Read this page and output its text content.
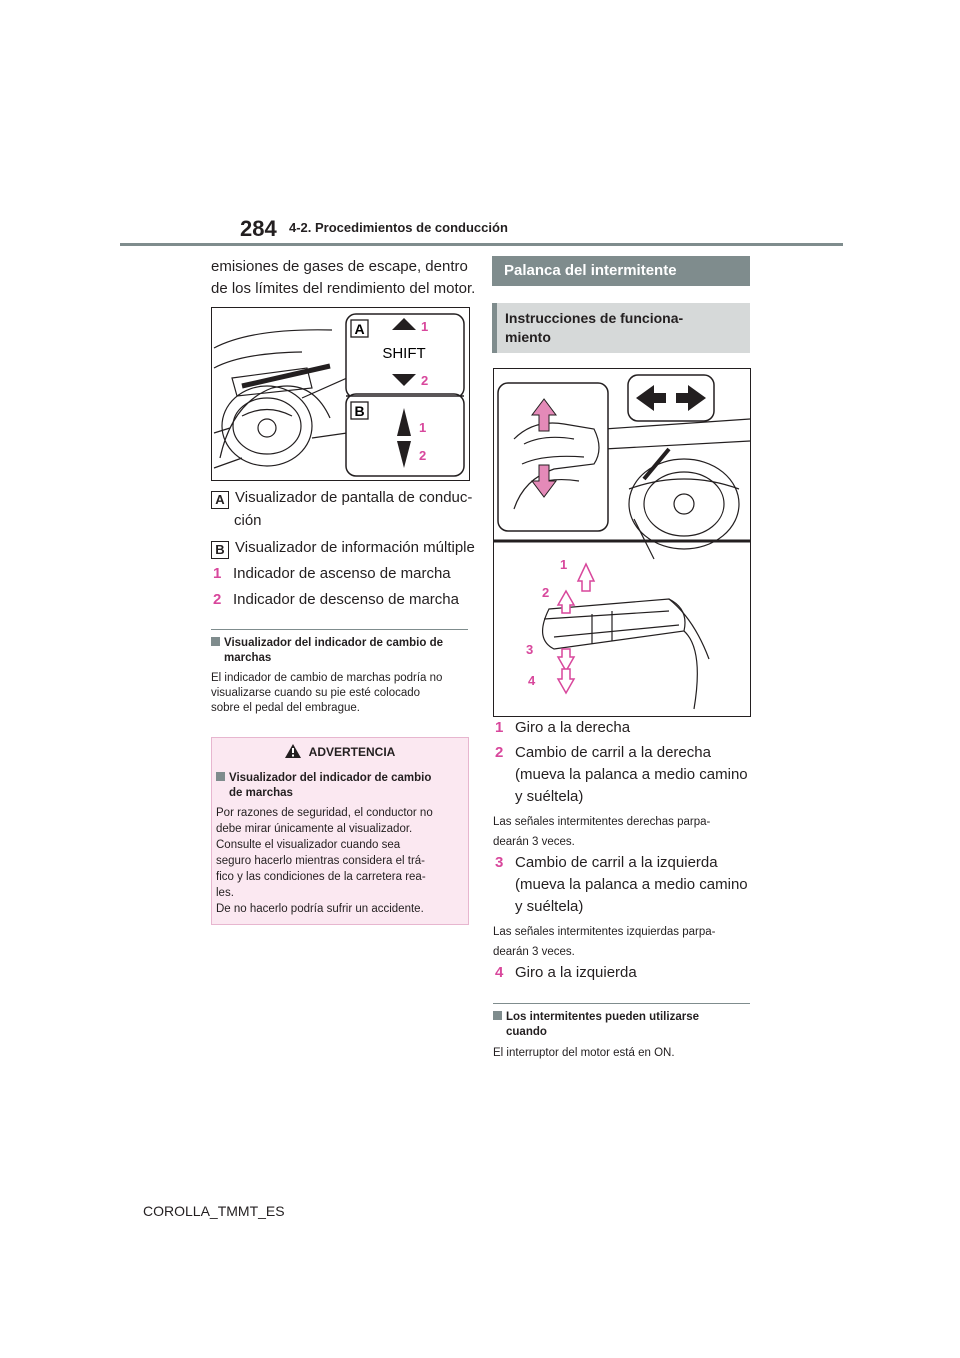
284 4-2. Procedimientos de conducción
emisiones de gases de escape, dentro
de los límites del rendimiento del motor.
A
B
1
SHIFT
2
1
2
A Visualizador de pantalla de conduc-
ción
B Visualizador de información múltiple
1 Indicador de ascenso de marcha
2 Indicador de descenso de marcha
Visualizador del indicador de cambio de
marchas
El indicador de cambio de marchas podría no
visualizarse cuando su pie esté colocado
sobre el pedal del embrague.
ADVERTENCIA
Visualizador del indicador de cambio
de marchas
Por razones de seguridad, el conductor no
debe mirar únicamente al visualizador.
Consulte el visualizador cuando sea
seguro hacerlo mientras considera el trá-
fico y las condiciones de la carretera rea-
les.
De no hacerlo podría sufrir un accidente.
Palanca del intermitente
Instrucciones de funciona-
miento
1
2
3
4
1 Giro a la derecha
2 Cambio de carril a la derecha
(mueva la palanca a medio camino
y suéltela)
Las señales intermitentes derechas parpa-
dearán 3 veces.
3 Cambio de carril a la izquierda
(mueva la palanca a medio camino
y suéltela)
Las señales intermitentes izquierdas parpa-
dearán 3 veces.
4 Giro a la izquierda
Los intermitentes pueden utilizarse
cuando
El interruptor del motor está en ON.
COROLLA_TMMT_ES
